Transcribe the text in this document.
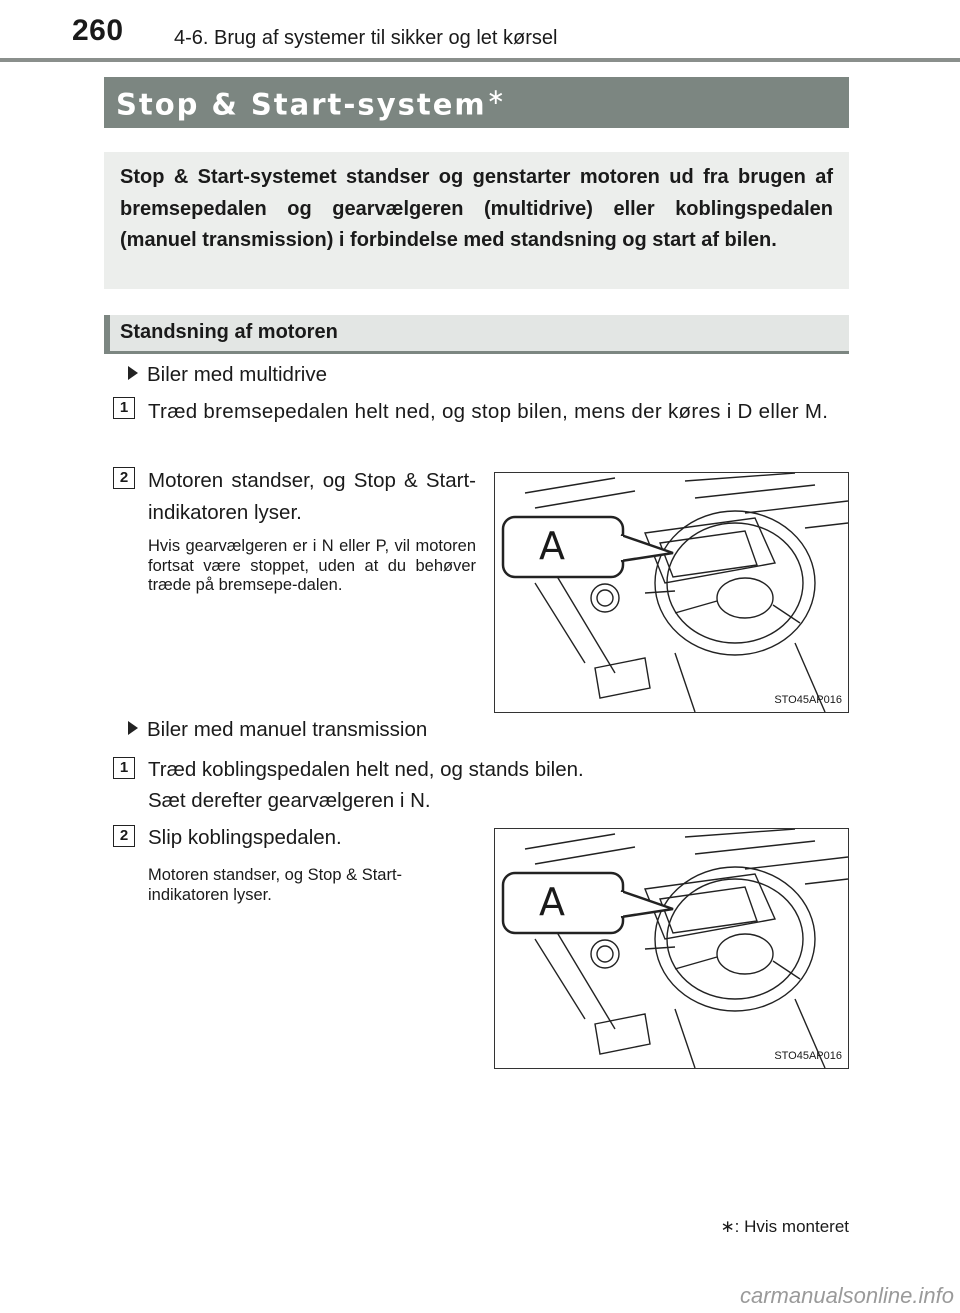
260	4-6. Brug af systemer til sikker og let kørsel
Stop & Start-system∗
Stop & Start-systemet standser og genstarter motoren ud fra brugen af bremsepedalen og gearvælgeren (multidrive) eller koblingspedalen (manuel transmission) i forbindelse med standsning og start af bilen.
Standsning af motoren
Biler med multidrive
1 Træd bremsepedalen helt ned, og stop bilen, mens der køres i D eller M.
2 Motoren standser, og Stop & Start-indikatoren lyser.
Hvis gearvælgeren er i N eller P, vil motoren fortsat være stoppet, uden at du behøver træde på bremsepe-dalen.
A
STO45AP016
Biler med manuel transmission
1 Træd koblingspedalen helt ned, og stands bilen.
Sæt derefter gearvælgeren i N.
2 Slip koblingspedalen.
Motoren standser, og Stop & Start-indikatoren lyser.	A
STO45AP016
∗: Hvis monteret
carmanualsonline.info
